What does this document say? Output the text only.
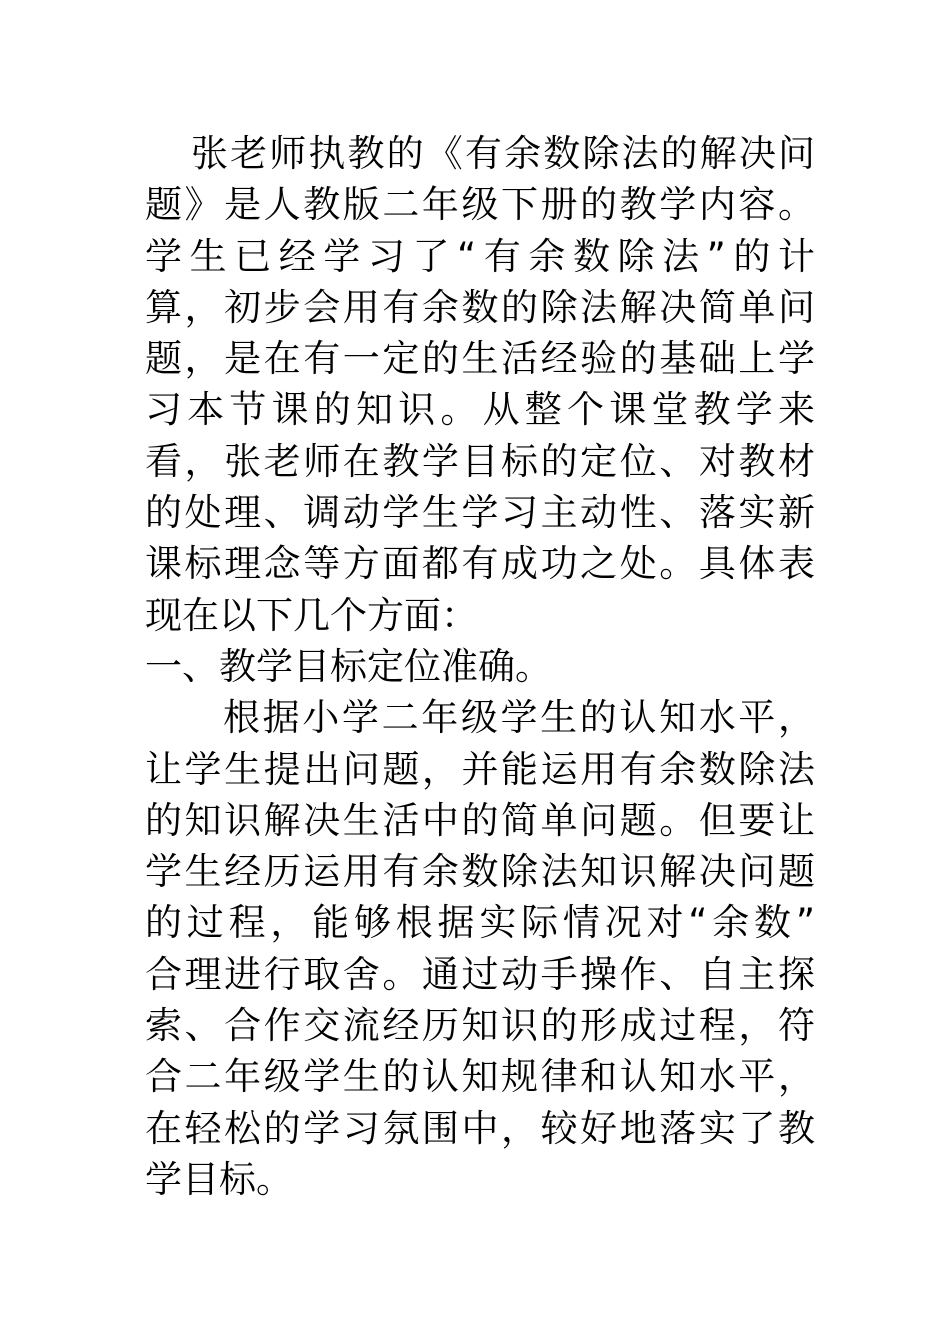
张老师执教的《有余数除法的解决问
题》是人教版二年级下册的教学内容。
学生已经学习了“有余数除法”的计
算，初步会用有余数的除法解决简单问
题，是在有一定的生活经验的基础上学
习本节课的知识。从整个课堂教学来
看，张老师在教学目标的定位、对教材
的处理、调动学生学习主动性、落实新
课标理念等方面都有成功之处。具体表
现在以下几个方面：
一、教学目标定位准确。
根据小学二年级学生的认知水平，
让学生提出问题，并能运用有余数除法
的知识解决生活中的简单问题。但要让
学生经历运用有余数除法知识解决问题
的过程，能够根据实际情况对“余数”
合理进行取舍。通过动手操作、自主探
索、合作交流经历知识的形成过程，符
合二年级学生的认知规律和认知水平，
在轻松的学习氛围中，较好地落实了教
学目标。
